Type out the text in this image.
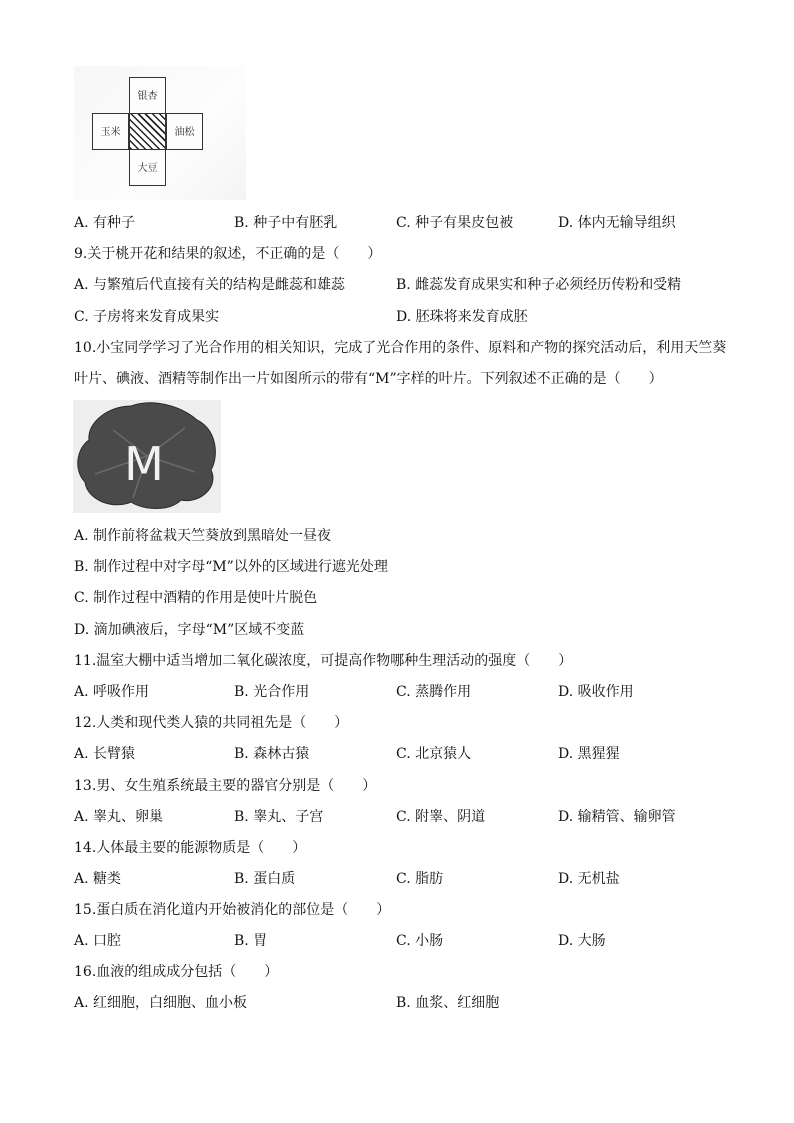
银杏
玉米	油松
大豆
A. 有种子	B. 种子中有胚乳	C. 种子有果皮包被	D. 体内无输导组织
9.关于桃开花和结果的叙述，不正确的是（　　）
A. 与繁殖后代直接有关的结构是雌蕊和雄蕊	B. 雌蕊发育成果实和种子必须经历传粉和受精
C. 子房将来发育成果实	D. 胚珠将来发育成胚
10.小宝同学学习了光合作用的相关知识，完成了光合作用的条件、原料和产物的探究活动后，利用天竺葵
叶片、碘液、酒精等制作出一片如图所示的带有“M”字样的叶片。下列叙述不正确的是（　　）
M
A. 制作前将盆栽天竺葵放到黑暗处一昼夜
B. 制作过程中对字母“M”以外的区域进行遮光处理
C. 制作过程中酒精的作用是使叶片脱色
D. 滴加碘液后，字母“M”区域不变蓝
11.温室大棚中适当增加二氧化碳浓度，可提高作物哪种生理活动的强度（　　）
A. 呼吸作用	B. 光合作用	C. 蒸腾作用	D. 吸收作用
12.人类和现代类人猿的共同祖先是（　　）
A. 长臂猿	B. 森林古猿	C. 北京猿人	D. 黑猩猩
13.男、女生殖系统最主要的器官分别是（　　）
A. 睾丸、卵巢	B. 睾丸、子宫	C. 附睾、阴道	D. 输精管、输卵管
14.人体最主要的能源物质是（　　）
A. 糖类	B. 蛋白质	C. 脂肪	D. 无机盐
15.蛋白质在消化道内开始被消化的部位是（　　）
A. 口腔	B. 胃	C. 小肠	D. 大肠
16.血液的组成成分包括（　　）
A. 红细胞，白细胞、血小板	B. 血浆、红细胞
